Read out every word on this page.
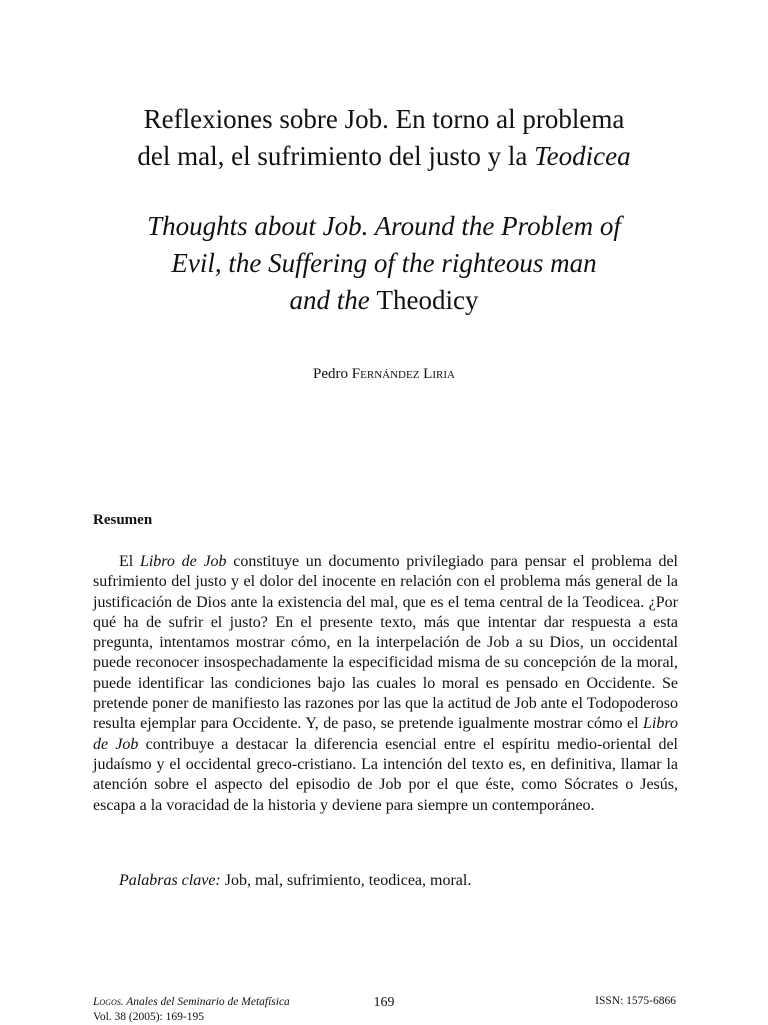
Reflexiones sobre Job. En torno al problema
del mal, el sufrimiento del justo y la Teodicea
Thoughts about Job. Around the Problem of
Evil, the Suffering of the righteous man
and the Theodicy
Pedro Fernández Liria
Resumen

El Libro de Job constituye un documento privilegiado para pensar el problema del sufrimiento del justo y el dolor del inocente en relación con el problema más general de la justificación de Dios ante la existencia del mal, que es el tema central de la Teodicea. ¿Por qué ha de sufrir el justo? En el presente texto, más que intentar dar respuesta a esta pregunta, intentamos mostrar cómo, en la interpelación de Job a su Dios, un occidental puede reconocer insospechadamente la especificidad misma de su concepción de la moral, puede identificar las condiciones bajo las cuales lo moral es pensado en Occidente. Se pretende poner de manifiesto las razones por las que la actitud de Job ante el Todopoderoso resulta ejemplar para Occidente. Y, de paso, se pretende igualmente mostrar cómo el Libro de Job contribuye a destacar la diferencia esencial entre el espíritu medio-oriental del judaísmo y el occidental greco-cristiano. La intención del texto es, en definitiva, llamar la atención sobre el aspecto del episodio de Job por el que éste, como Sócrates o Jesús, escapa a la voracidad de la historia y deviene para siempre un contemporáneo.

Palabras clave: Job, mal, sufrimiento, teodicea, moral.
Logos. Anales del Seminario de Metafísica
Vol. 38 (2005): 169-195
169	ISSN: 1575-6866
